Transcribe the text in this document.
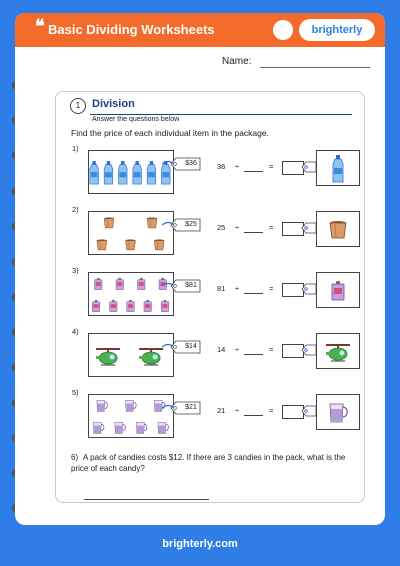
❝ Basic Dividing Worksheets	brighterly
Name:
1	Division
Answer the questions below
Find the price of each individual item in the package.
1)
$36	36 ÷	=
2)
$25	25 ÷	=
3)
$81	81 ÷	=
4)
$14	14 ÷	=
5)
$21	21 ÷	=
6) A pack of candies costs $12. If there are 3 candies in the pack, what is the price of each candy?
brighterly.com
